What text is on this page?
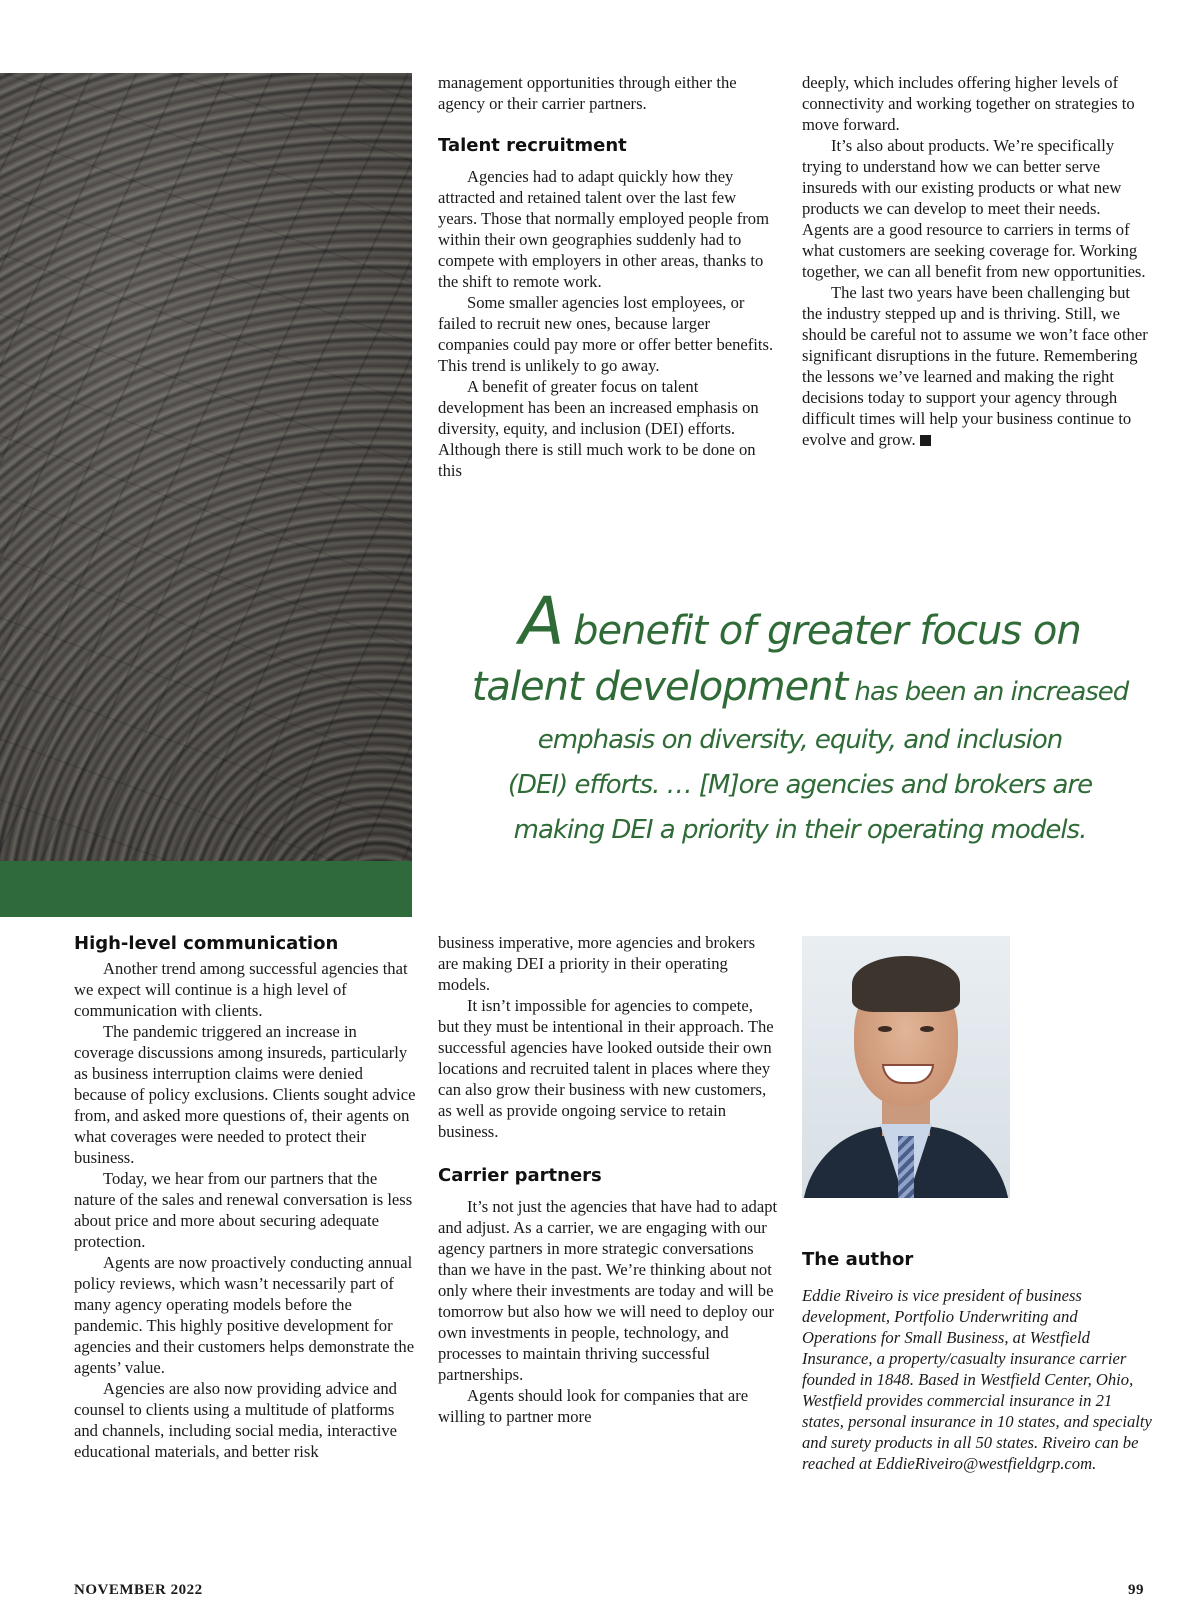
management opportunities through either the agency or their carrier partners.

Talent recruitment

Agencies had to adapt quickly how they attracted and retained talent over the last few years. Those that normally employed people from within their own geographies suddenly had to compete with employers in other areas, thanks to the shift to remote work.

Some smaller agencies lost employees, or failed to recruit new ones, because larger companies could pay more or offer better benefits. This trend is unlikely to go away.

A benefit of greater focus on talent development has been an increased emphasis on diversity, equity, and inclusion (DEI) efforts. Although there is still much work to be done on this

deeply, which includes offering higher levels of connectivity and working together on strategies to move forward.

It’s also about products. We’re specifically trying to understand how we can better serve insureds with our existing products or what new products we can develop to meet their needs. Agents are a good resource to carriers in terms of what customers are seeking coverage for. Working together, we can all benefit from new opportunities.

The last two years have been challenging but the industry stepped up and is thriving. Still, we should be careful not to assume we won’t face other significant disruptions in the future. Remembering the lessons we’ve learned and making the right decisions today to support your agency through difficult times will help your business continue to evolve and grow.

A benefit of greater focus on
talent development has been an increased
emphasis on diversity, equity, and inclusion
(DEI) efforts. … [M]ore agencies and brokers are
making DEI a priority in their operating models.
High-level communication

Another trend among successful agencies that we expect will continue is a high level of communication with clients.

The pandemic triggered an increase in coverage discussions among insureds, particularly as business interruption claims were denied because of policy exclusions. Clients sought advice from, and asked more questions of, their agents on what coverages were needed to protect their business.

Today, we hear from our partners that the nature of the sales and renewal conversation is less about price and more about securing adequate protection.

Agents are now proactively conducting annual policy reviews, which wasn’t necessarily part of many agency operating models before the pandemic. This highly positive development for agencies and their customers helps demonstrate the agents’ value.

Agencies are also now providing advice and counsel to clients using a multitude of platforms and channels, including social media, interactive educational materials, and better risk

business imperative, more agencies and brokers are making DEI a priority in their operating models.

It isn’t impossible for agencies to compete, but they must be intentional in their approach. The successful agencies have looked outside their own locations and recruited talent in places where they can also grow their business with new customers, as well as provide ongoing service to retain business.

Carrier partners

It’s not just the agencies that have had to adapt and adjust. As a carrier, we are engaging with our agency partners in more strategic conversations than we have in the past. We’re thinking about not only where their investments are today and will be tomorrow but also how we will need to deploy our own investments in people, technology, and processes to maintain thriving successful partnerships.

Agents should look for companies that are willing to partner more

The author
Eddie Riveiro is vice president of business development, Portfolio Underwriting and Operations for Small Business, at Westfield Insurance, a property/casualty insurance carrier founded in 1848. Based in Westfield Center, Ohio, Westfield provides commercial insurance in 21 states, personal insurance in 10 states, and specialty and surety products in all 50 states. Riveiro can be reached at EddieRiveiro@westfieldgrp.com.
NOVEMBER 2022	99
